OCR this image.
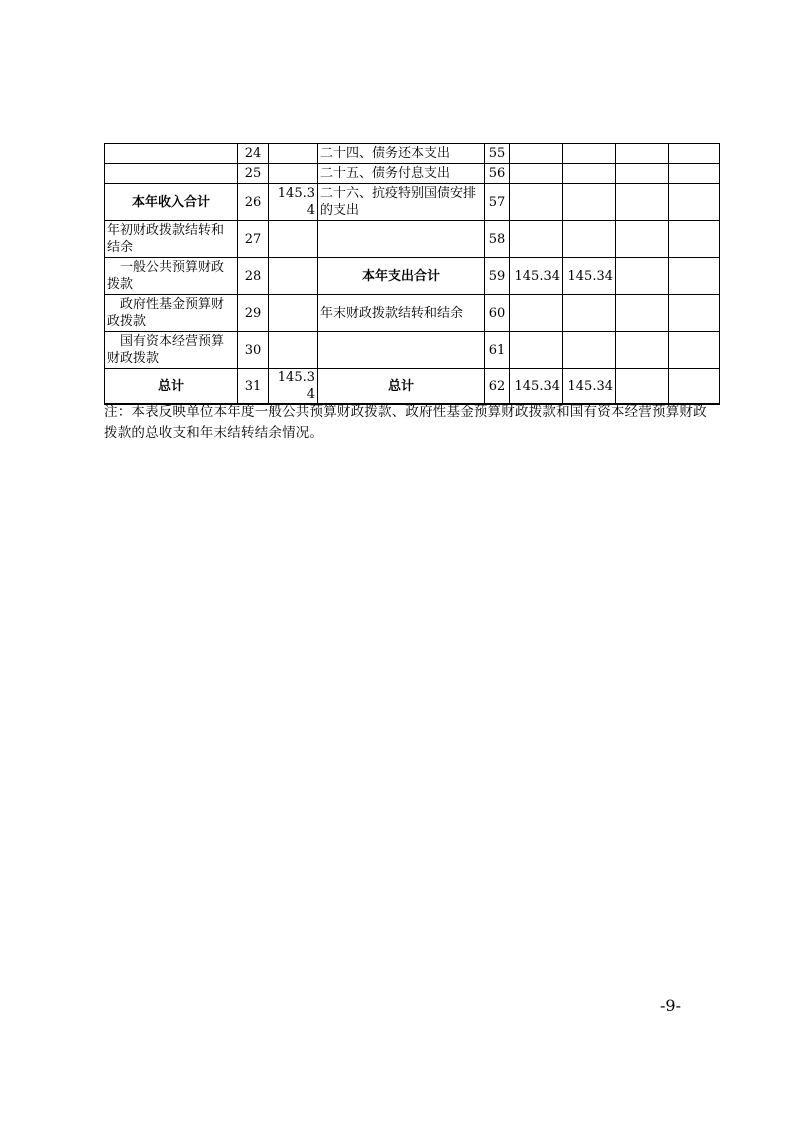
	24		二十四、债务还本支出	55				
	25		二十五、债务付息支出	56				
本年收入合计	26	145.34	二十六、抗疫特别国债安排的支出	57				
年初财政拨款结转和结余	27			58				
一般公共预算财政拨款	28		本年支出合计	59	145.34	145.34		
政府性基金预算财政拨款	29		年末财政拨款结转和结余	60				
国有资本经营预算财政拨款	30			61				
总计	31	145.34	总计	62	145.34	145.34		
注：本表反映单位本年度一般公共预算财政拨款、政府性基金预算财政拨款和国有资本经营预算财政拨款的总收支和年末结转结余情况。
-9-
